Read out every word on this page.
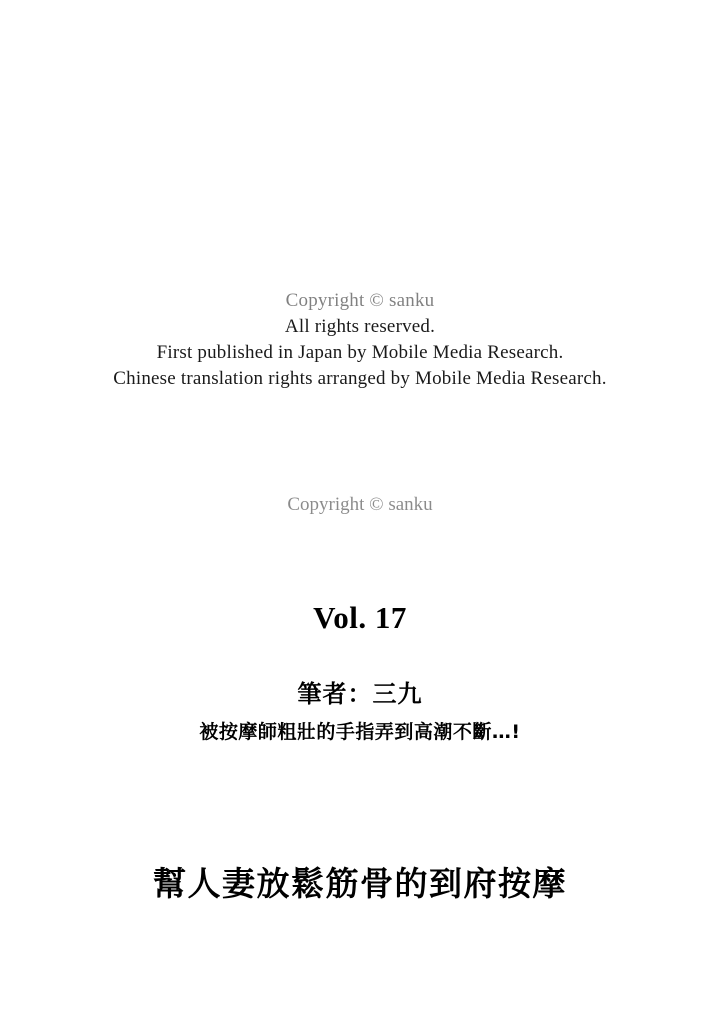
Copyright © sanku
All rights reserved.
First published in Japan by Mobile Media Research.
Chinese translation rights arranged by Mobile Media Research.
Copyright © sanku
Vol. 17
筆者：三九
被按摩師粗壯的手指弄到高潮不斷…!
幫人妻放鬆筋骨的到府按摩
